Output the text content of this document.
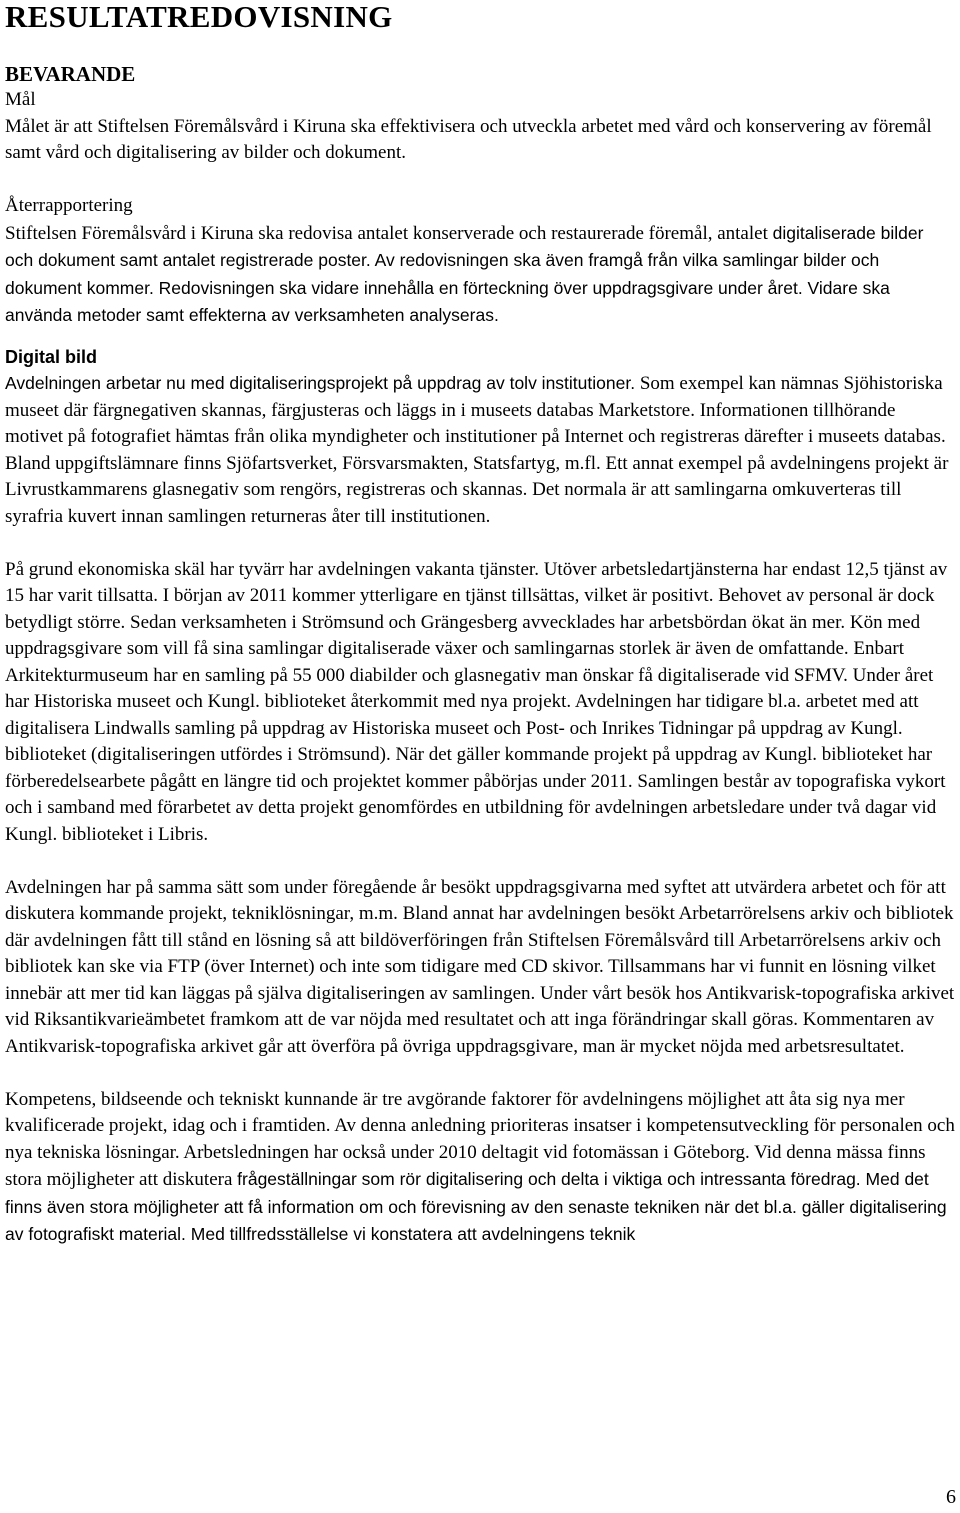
RESULTATREDOVISNING
BEVARANDE
Mål

Målet är att Stiftelsen Föremålsvård i Kiruna ska effektivisera och utveckla arbetet med vård och konservering av föremål samt vård och digitalisering av bilder och dokument.

Återrapportering

Stiftelsen Föremålsvård i Kiruna ska redovisa antalet konserverade och restaurerade föremål, antalet digitaliserade bilder och dokument samt antalet registrerade poster. Av redovisningen ska även framgå från vilka samlingar bilder och dokument kommer. Redovisningen ska vidare innehålla en förteckning över uppdragsgivare under året. Vidare ska använda metoder samt effekterna av verksamheten analyseras.

Digital bild

Avdelningen arbetar nu med digitaliseringsprojekt på uppdrag av tolv institutioner. Som exempel kan nämnas Sjöhistoriska museet där färgnegativen skannas, färgjusteras och läggs in i museets databas Marketstore. Informationen tillhörande motivet på fotografiet hämtas från olika myndigheter och institutioner på Internet och registreras därefter i museets databas. Bland uppgiftslämnare finns Sjöfartsverket, Försvarsmakten, Statsfartyg, m.fl. Ett annat exempel på avdelningens projekt är Livrustkammarens glasnegativ som rengörs, registreras och skannas. Det normala är att samlingarna omkuverteras till syrafria kuvert innan samlingen returneras åter till institutionen.

På grund ekonomiska skäl har tyvärr har avdelningen vakanta tjänster. Utöver arbetsledartjänsterna har endast 12,5 tjänst av 15 har varit tillsatta. I början av 2011 kommer ytterligare en tjänst tillsättas, vilket är positivt. Behovet av personal är dock betydligt större. Sedan verksamheten i Strömsund och Grängesberg avvecklades har arbetsbördan ökat än mer. Kön med uppdragsgivare som vill få sina samlingar digitaliserade växer och samlingarnas storlek är även de omfattande. Enbart Arkitekturmuseum har en samling på 55 000 diabilder och glasnegativ man önskar få digitaliserade vid SFMV. Under året har Historiska museet och Kungl. biblioteket återkommit med nya projekt. Avdelningen har tidigare bl.a. arbetet med att digitalisera Lindwalls samling på uppdrag av Historiska museet och Post- och Inrikes Tidningar på uppdrag av Kungl. biblioteket (digitaliseringen utfördes i Strömsund). När det gäller kommande projekt på uppdrag av Kungl. biblioteket har förberedelsearbete pågått en längre tid och projektet kommer påbörjas under 2011. Samlingen består av topografiska vykort och i samband med förarbetet av detta projekt genomfördes en utbildning för avdelningen arbetsledare under två dagar vid Kungl. biblioteket i Libris.

Avdelningen har på samma sätt som under föregående år besökt uppdragsgivarna med syftet att utvärdera arbetet och för att diskutera kommande projekt, tekniklösningar, m.m. Bland annat har avdelningen besökt Arbetarrörelsens arkiv och bibliotek där avdelningen fått till stånd en lösning så att bildöverföringen från Stiftelsen Föremålsvård till Arbetarrörelsens arkiv och bibliotek kan ske via FTP (över Internet) och inte som tidigare med CD skivor. Tillsammans har vi funnit en lösning vilket innebär att mer tid kan läggas på själva digitaliseringen av samlingen. Under vårt besök hos Antikvarisk-topografiska arkivet vid Riksantikvarieämbetet framkom att de var nöjda med resultatet och att inga förändringar skall göras. Kommentaren av Antikvarisk-topografiska arkivet går att överföra på övriga uppdragsgivare, man är mycket nöjda med arbetsresultatet.

Kompetens, bildseende och tekniskt kunnande är tre avgörande faktorer för avdelningens möjlighet att åta sig nya mer kvalificerade projekt, idag och i framtiden. Av denna anledning prioriteras insatser i kompetensutveckling för personalen och nya tekniska lösningar. Arbetsledningen har också under 2010 deltagit vid fotomässan i Göteborg. Vid denna mässa finns stora möjligheter att diskutera frågeställningar som rör digitalisering och delta i viktiga och intressanta föredrag. Med det finns även stora möjligheter att få information om och förevisning av den senaste tekniken när det bl.a. gäller digitalisering av fotografiskt material. Med tillfredsställelse vi konstatera att avdelningens teknik

6
